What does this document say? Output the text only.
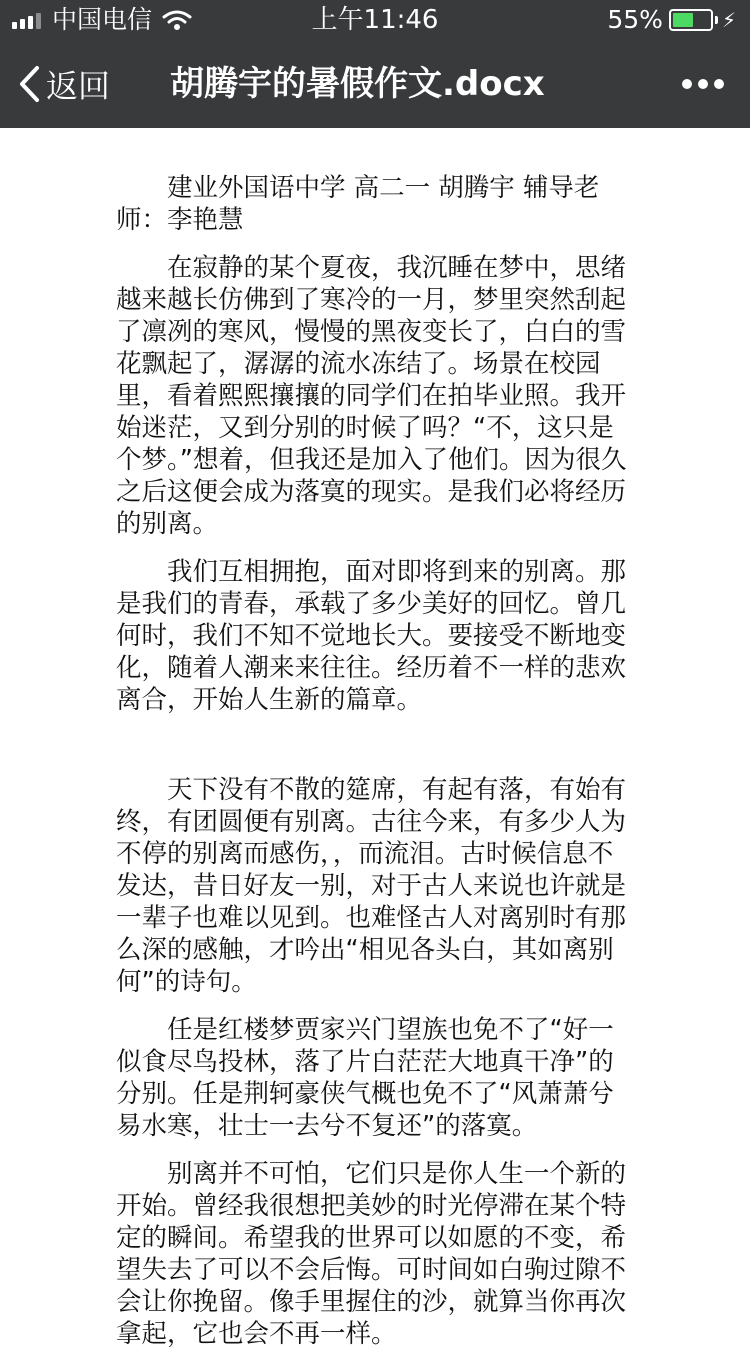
中国电信	上午11:46	55%	⚡
返回 胡腾宇的暑假作文.docx

建业外国语中学 高二一 胡腾宇 辅导老师：李艳慧

在寂静的某个夏夜，我沉睡在梦中，思绪越来越长仿佛到了寒冷的一月，梦里突然刮起了凛冽的寒风，慢慢的黑夜变长了，白白的雪花飘起了，潺潺的流水冻结了。场景在校园里，看着熙熙攘攘的同学们在拍毕业照。我开始迷茫，又到分别的时候了吗？“不，这只是个梦。”想着，但我还是加入了他们。因为很久之后这便会成为落寞的现实。是我们必将经历的别离。

我们互相拥抱，面对即将到来的别离。那是我们的青春，承载了多少美好的回忆。曾几何时，我们不知不觉地长大。要接受不断地变化，随着人潮来来往往。经历着不一样的悲欢离合，开始人生新的篇章。

天下没有不散的筵席，有起有落，有始有终，有团圆便有别离。古往今来，有多少人为不停的别离而感伤，，而流泪。古时候信息不发达，昔日好友一别，对于古人来说也许就是一辈子也难以见到。也难怪古人对离别时有那么深的感触，才吟出“相见各头白，其如离别何”的诗句。

任是红楼梦贾家兴门望族也免不了“好一似食尽鸟投林，落了片白茫茫大地真干净”的分别。任是荆轲豪侠气概也免不了“风萧萧兮易水寒，壮士一去兮不复还”的落寞。

别离并不可怕，它们只是你人生一个新的开始。曾经我很想把美妙的时光停滞在某个特定的瞬间。希望我的世界可以如愿的不变，希望失去了可以不会后悔。可时间如白驹过隙不会让你挽留。像手里握住的沙，就算当你再次拿起，它也会不再一样。
